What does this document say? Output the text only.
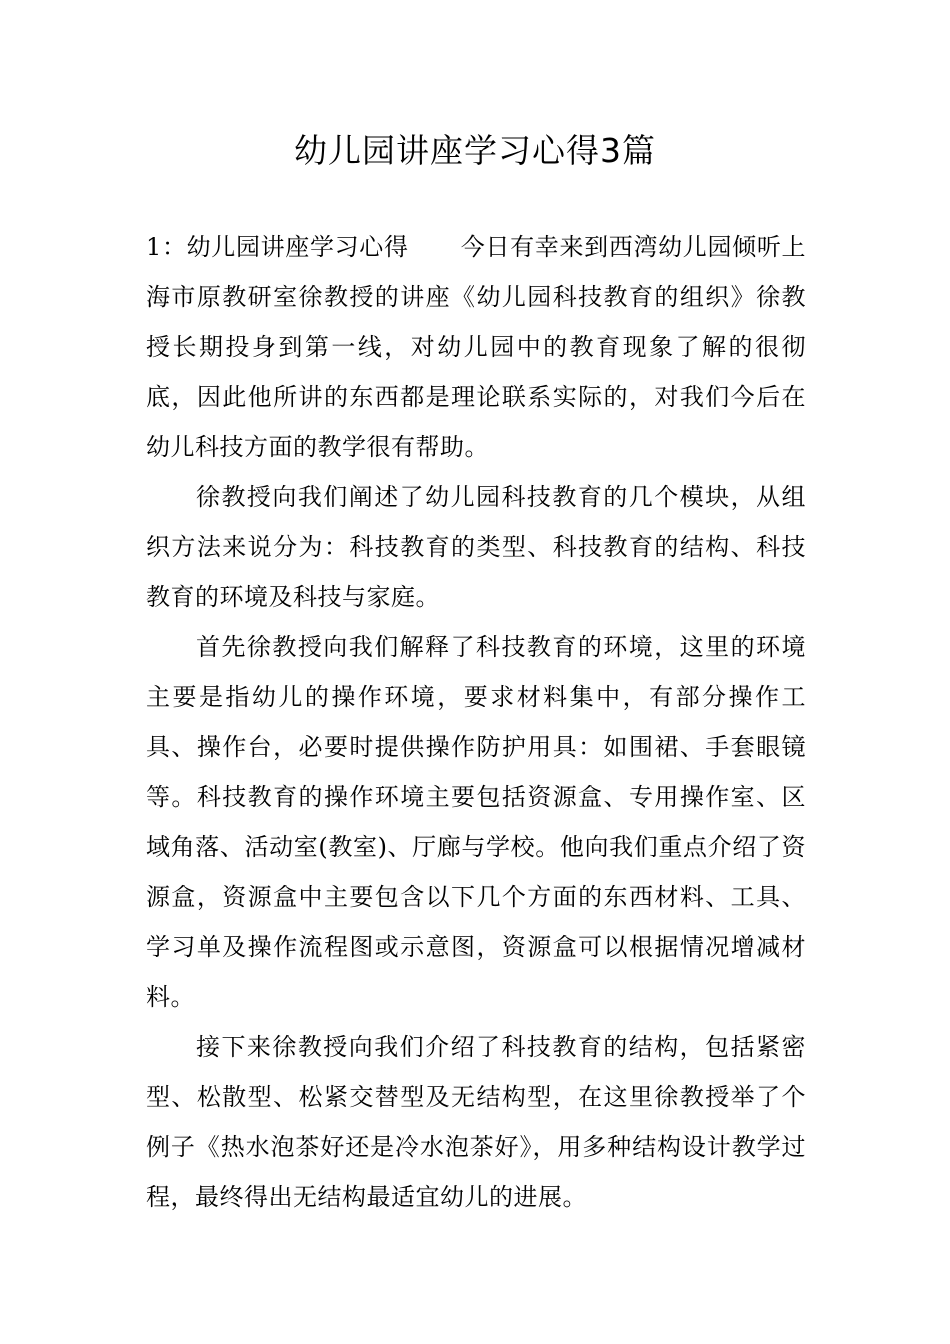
幼儿园讲座学习心得3篇

1：幼儿园讲座学习心得 今日有幸来到西湾幼儿园倾听上海市原教研室徐教授的讲座《幼儿园科技教育的组织》徐教授长期投身到第一线，对幼儿园中的教育现象了解的很彻底，因此他所讲的东西都是理论联系实际的，对我们今后在幼儿科技方面的教学很有帮助。

徐教授向我们阐述了幼儿园科技教育的几个模块，从组织方法来说分为：科技教育的类型、科技教育的结构、科技教育的环境及科技与家庭。

首先徐教授向我们解释了科技教育的环境，这里的环境主要是指幼儿的操作环境，要求材料集中，有部分操作工具、操作台，必要时提供操作防护用具：如围裙、手套眼镜等。科技教育的操作环境主要包括资源盒、专用操作室、区域角落、活动室(教室)、厅廊与学校。他向我们重点介绍了资源盒，资源盒中主要包含以下几个方面的东西材料、工具、学习单及操作流程图或示意图，资源盒可以根据情况增减材料。

接下来徐教授向我们介绍了科技教育的结构，包括紧密型、松散型、松紧交替型及无结构型，在这里徐教授举了个例子《热水泡茶好还是冷水泡茶好》，用多种结构设计教学过程，最终得出无结构最适宜幼儿的进展。
